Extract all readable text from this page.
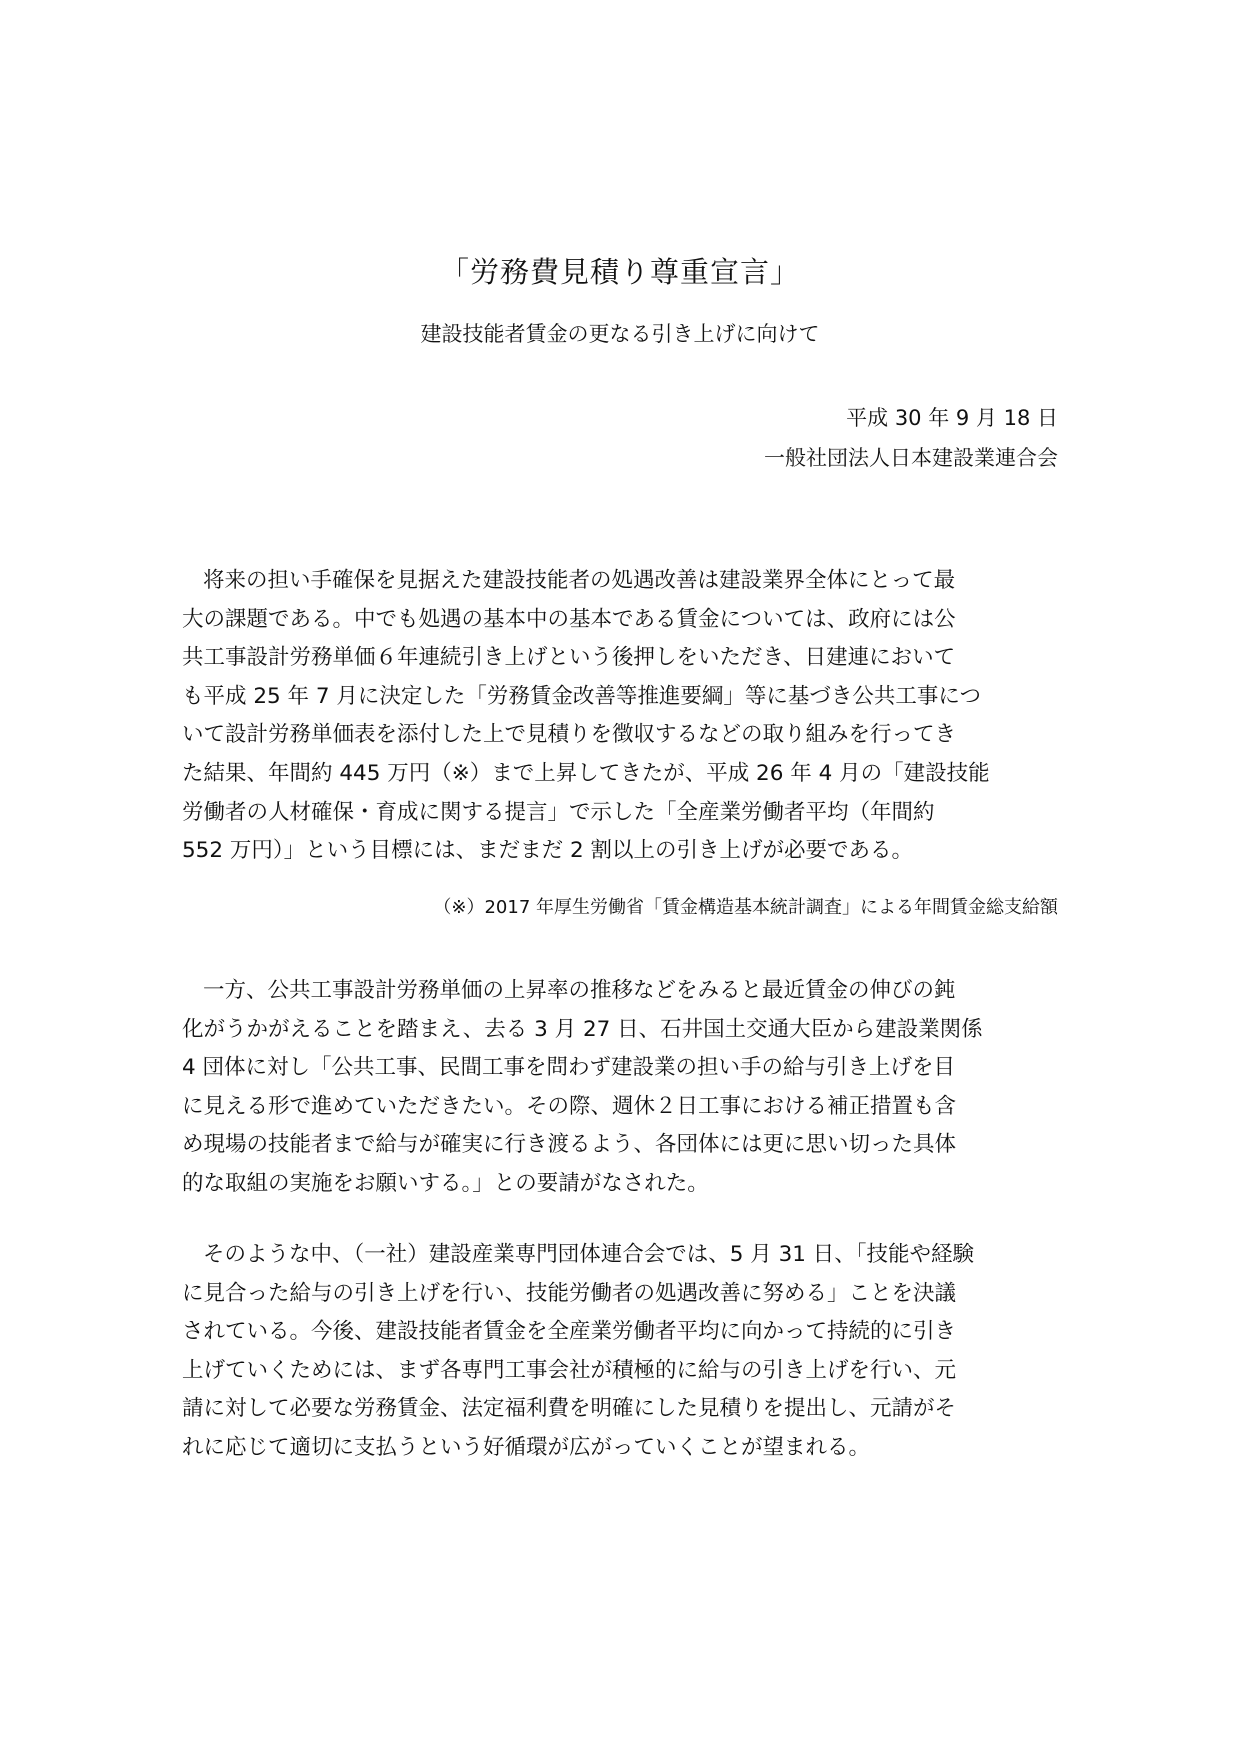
「労務費見積り尊重宣言」

建設技能者賃金の更なる引き上げに向けて

平成 30 年 9 月 18 日
一般社団法人日本建設業連合会

将来の担い手確保を見据えた建設技能者の処遇改善は建設業界全体にとって最
大の課題である。中でも処遇の基本中の基本である賃金については、政府には公
共工事設計労務単価６年連続引き上げという後押しをいただき、日建連において
も平成 25 年 7 月に決定した「労務賃金改善等推進要綱」等に基づき公共工事につ
いて設計労務単価表を添付した上で見積りを徴収するなどの取り組みを行ってき
た結果、年間約 445 万円（※）まで上昇してきたが、平成 26 年 4 月の「建設技能
労働者の人材確保・育成に関する提言」で示した「全産業労働者平均（年間約
552 万円）」という目標には、まだまだ 2 割以上の引き上げが必要である。

（※）2017 年厚生労働省「賃金構造基本統計調査」による年間賃金総支給額

一方、公共工事設計労務単価の上昇率の推移などをみると最近賃金の伸びの鈍
化がうかがえることを踏まえ、去る 3 月 27 日、石井国土交通大臣から建設業関係
4 団体に対し「公共工事、民間工事を問わず建設業の担い手の給与引き上げを目
に見える形で進めていただきたい。その際、週休２日工事における補正措置も含
め現場の技能者まで給与が確実に行き渡るよう、各団体には更に思い切った具体
的な取組の実施をお願いする。」との要請がなされた。

そのような中、（一社）建設産業専門団体連合会では、5 月 31 日、「技能や経験
に見合った給与の引き上げを行い、技能労働者の処遇改善に努める」ことを決議
されている。今後、建設技能者賃金を全産業労働者平均に向かって持続的に引き
上げていくためには、まず各専門工事会社が積極的に給与の引き上げを行い、元
請に対して必要な労務賃金、法定福利費を明確にした見積りを提出し、元請がそ
れに応じて適切に支払うという好循環が広がっていくことが望まれる。
